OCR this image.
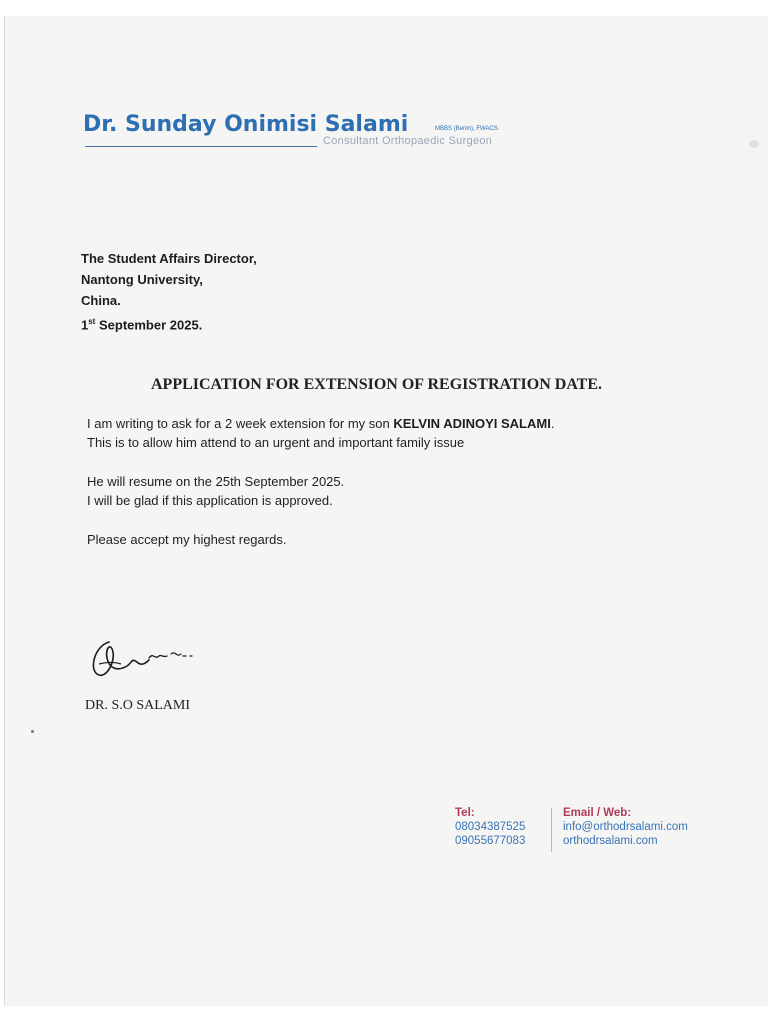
Dr. Sunday Onimisi Salami	MBBS (Benin), FWACS.
Consultant Orthopaedic Surgeon
The Student Affairs Director,
Nantong University,
China.
1st September 2025.
APPLICATION FOR EXTENSION OF REGISTRATION DATE.
I am writing to ask for a 2 week extension for my son KELVIN ADINOYI SALAMI.
This is to allow him attend to an urgent and important family issue
He will resume on the 25th September 2025.
I will be glad if this application is approved.
Please accept my highest regards.
DR. S.O SALAMI
Tel:
08034387525
09055677083
Email / Web:
info@orthodrsalami.com
orthodrsalami.com
